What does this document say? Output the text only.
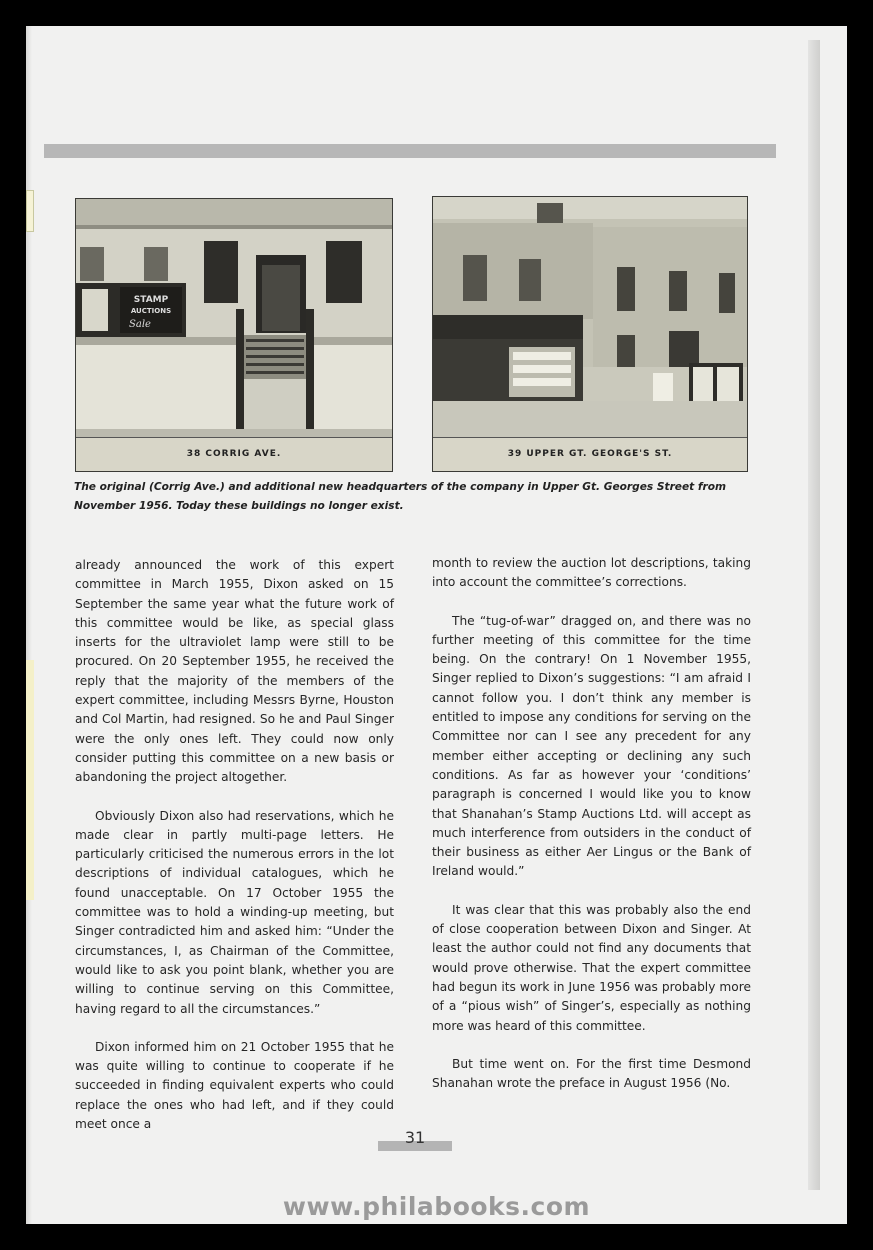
STAMP
AUCTIONS
Sale
38 CORRIG AVE.	39 UPPER GT. GEORGE'S ST.
The original (Corrig Ave.) and additional new headquarters of the company in Upper Gt. Georges Street from November 1956. Today these buildings no longer exist.

already announced the work of this expert committee in March 1955, Dixon asked on 15 September the same year what the future work of this committee would be like, as special glass inserts for the ultraviolet lamp were still to be procured. On 20 September 1955, he received the reply that the majority of the members of the expert committee, including Messrs Byrne, Houston and Col Martin, had resigned. So he and Paul Singer were the only ones left. They could now only consider putting this committee on a new basis or abandoning the project altogether.

Obviously Dixon also had reservations, which he made clear in partly multi-page letters. He particularly criticised the numerous errors in the lot descriptions of individual catalogues, which he found unacceptable. On 17 October 1955 the committee was to hold a winding-up meeting, but Singer contradicted him and asked him: “Under the circumstances, I, as Chairman of the Committee, would like to ask you point blank, whether you are willing to continue serving on this Committee, having regard to all the circumstances.”

Dixon informed him on 21 October 1955 that he was quite willing to continue to cooperate if he succeeded in finding equivalent experts who could replace the ones who had left, and if they could meet once a

month to review the auction lot descriptions, taking into account the committee’s corrections.

The “tug-of-war” dragged on, and there was no further meeting of this committee for the time being. On the contrary! On 1 November 1955, Singer replied to Dixon’s suggestions: “I am afraid I cannot follow you. I don’t think any member is entitled to impose any conditions for serving on the Committee nor can I see any precedent for any member either accepting or declining any such conditions. As far as however your ‘conditions’ paragraph is concerned I would like you to know that Shanahan’s Stamp Auctions Ltd. will accept as much interference from outsiders in the conduct of their business as either Aer Lingus or the Bank of Ireland would.”

It was clear that this was probably also the end of close cooperation between Dixon and Singer. At least the author could not find any documents that would prove otherwise. That the expert committee had begun its work in June 1956 was probably more of a “pious wish” of Singer’s, especially as nothing more was heard of this committee.

But time went on. For the first time Desmond Shanahan wrote the preface in August 1956 (No.

31
www.philabooks.com
